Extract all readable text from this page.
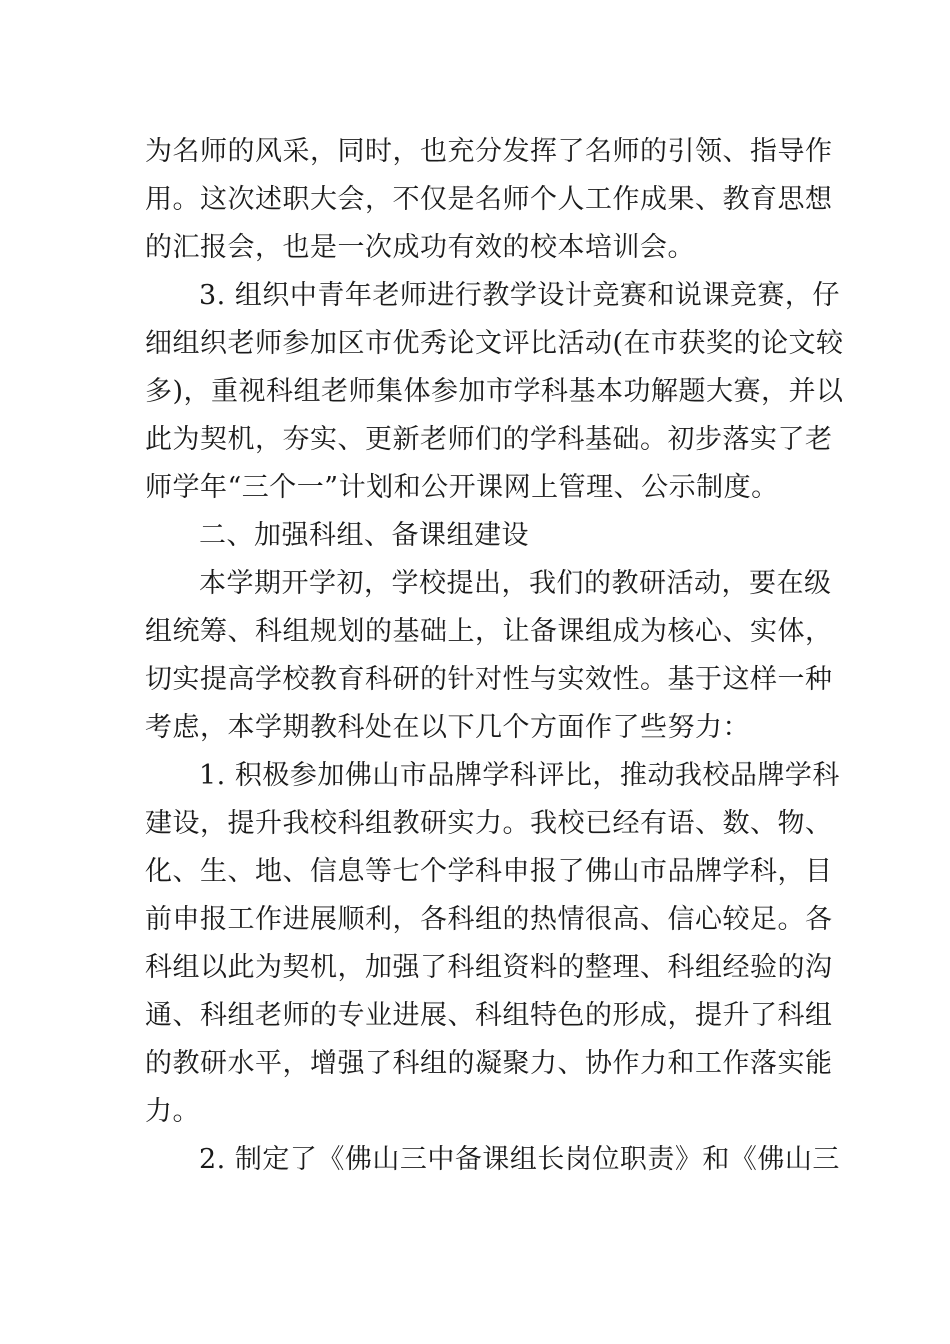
为名师的风采，同时，也充分发挥了名师的引领、指导作
用。这次述职大会，不仅是名师个人工作成果、教育思想
的汇报会，也是一次成功有效的校本培训会。
3. 组织中青年老师进行教学设计竞赛和说课竞赛，仔
细组织老师参加区市优秀论文评比活动(在市获奖的论文较
多)，重视科组老师集体参加市学科基本功解题大赛，并以
此为契机，夯实、更新老师们的学科基础。初步落实了老
师学年“三个一”计划和公开课网上管理、公示制度。
二、加强科组、备课组建设
本学期开学初，学校提出，我们的教研活动，要在级
组统筹、科组规划的基础上，让备课组成为核心、实体，
切实提高学校教育科研的针对性与实效性。基于这样一种
考虑，本学期教科处在以下几个方面作了些努力：
1. 积极参加佛山市品牌学科评比，推动我校品牌学科
建设，提升我校科组教研实力。我校已经有语、数、物、
化、生、地、信息等七个学科申报了佛山市品牌学科，目
前申报工作进展顺利，各科组的热情很高、信心较足。各
科组以此为契机，加强了科组资料的整理、科组经验的沟
通、科组老师的专业进展、科组特色的形成，提升了科组
的教研水平，增强了科组的凝聚力、协作力和工作落实能
力。
2. 制定了《佛山三中备课组长岗位职责》和《佛山三
